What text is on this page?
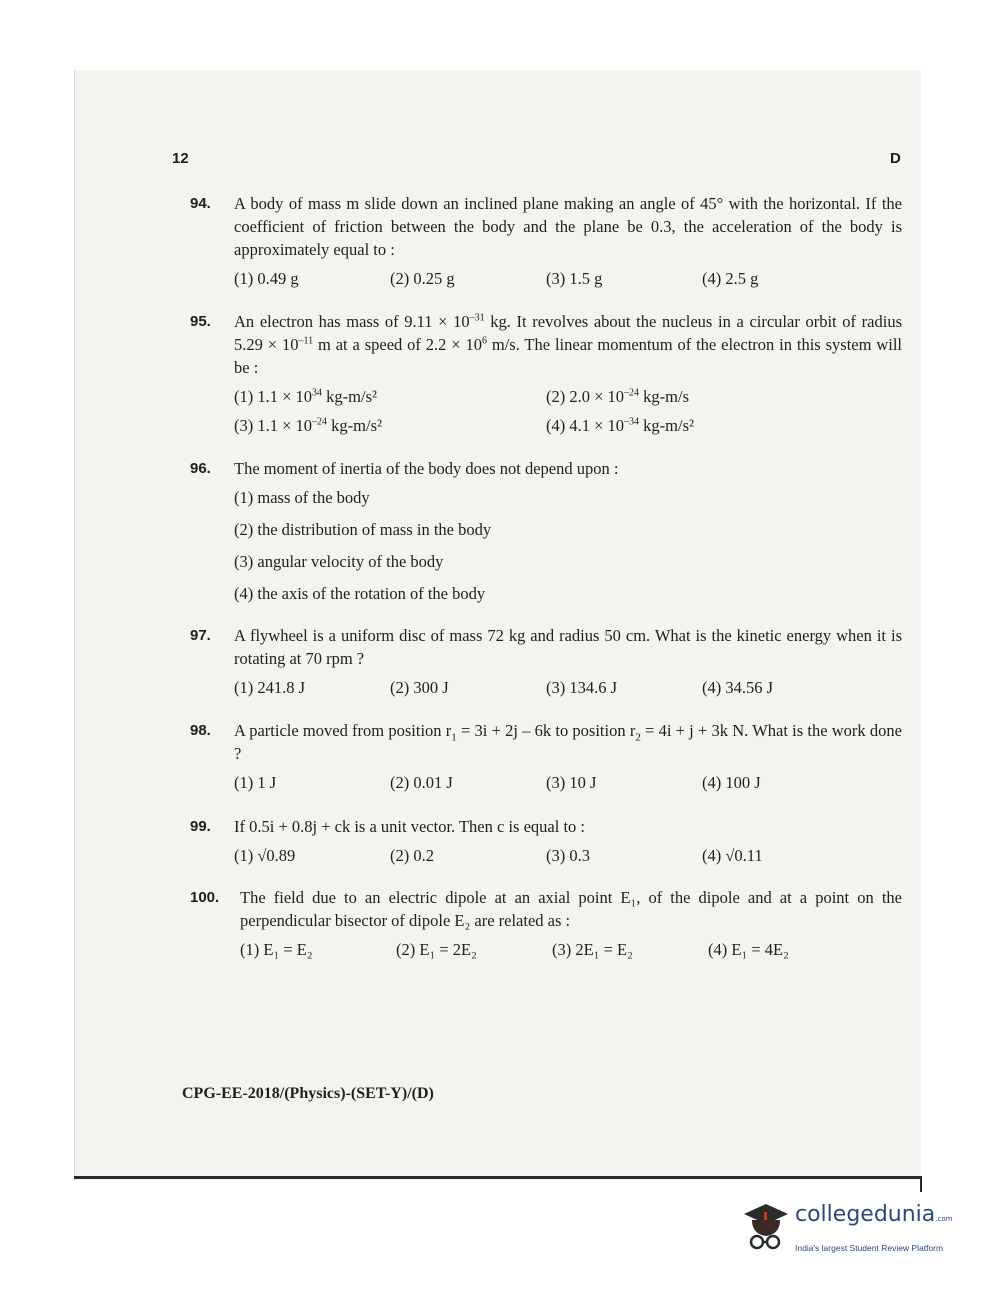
12	D
94. A body of mass m slide down an inclined plane making an angle of 45° with the horizontal. If the coefficient of friction between the body and the plane be 0.3, the acceleration of the body is approximately equal to :
(1) 0.49 g	(2) 0.25 g	(3) 1.5 g	(4) 2.5 g
95. An electron has mass of $9.11 \times 10^{-31}$ kg. It revolves about the nucleus in a circular orbit of radius $5.29 \times 10^{-11}$ m at a speed of $2.2 \times 10^6$ m/s. The linear momentum of the electron in this system will be :
(1) $1.1 \times 10^{34}$ kg-m/s²	(2) $2.0 \times 10^{-24}$ kg-m/s
(3) $1.1 \times 10^{-24}$ kg-m/s²	(4) $4.1 \times 10^{-34}$ kg-m/s²
96. The moment of inertia of the body does not depend upon :
(1) mass of the body
(2) the distribution of mass in the body
(3) angular velocity of the body
(4) the axis of the rotation of the body
97. A flywheel is a uniform disc of mass 72 kg and radius 50 cm. What is the kinetic energy when it is rotating at 70 rpm ?
(1) 241.8 J	(2) 300 J	(3) 134.6 J	(4) 34.56 J
98. A particle moved from position $r_1 = 3i + 2j - 6k$ to position $r_2 = 4i + j + 3k$ N. What is the work done ?
(1) 1 J	(2) 0.01 J	(3) 10 J	(4) 100 J
99. If 0.5i + 0.8j + ck is a unit vector. Then c is equal to :
(1) √0.89	(2) 0.2	(3) 0.3	(4) √0.11
100. The field due to an electric dipole at an axial point E₁, of the dipole and at a point on the perpendicular bisector of dipole E₂ are related as :
(1) E₁ = E₂	(2) E₁ = 2E₂	(3) 2E₁ = E₂	(4) E₁ = 4E₂
CPG-EE-2018/(Physics)-(SET-Y)/(D)
collegedunia.com
India's largest Student Review Platform
